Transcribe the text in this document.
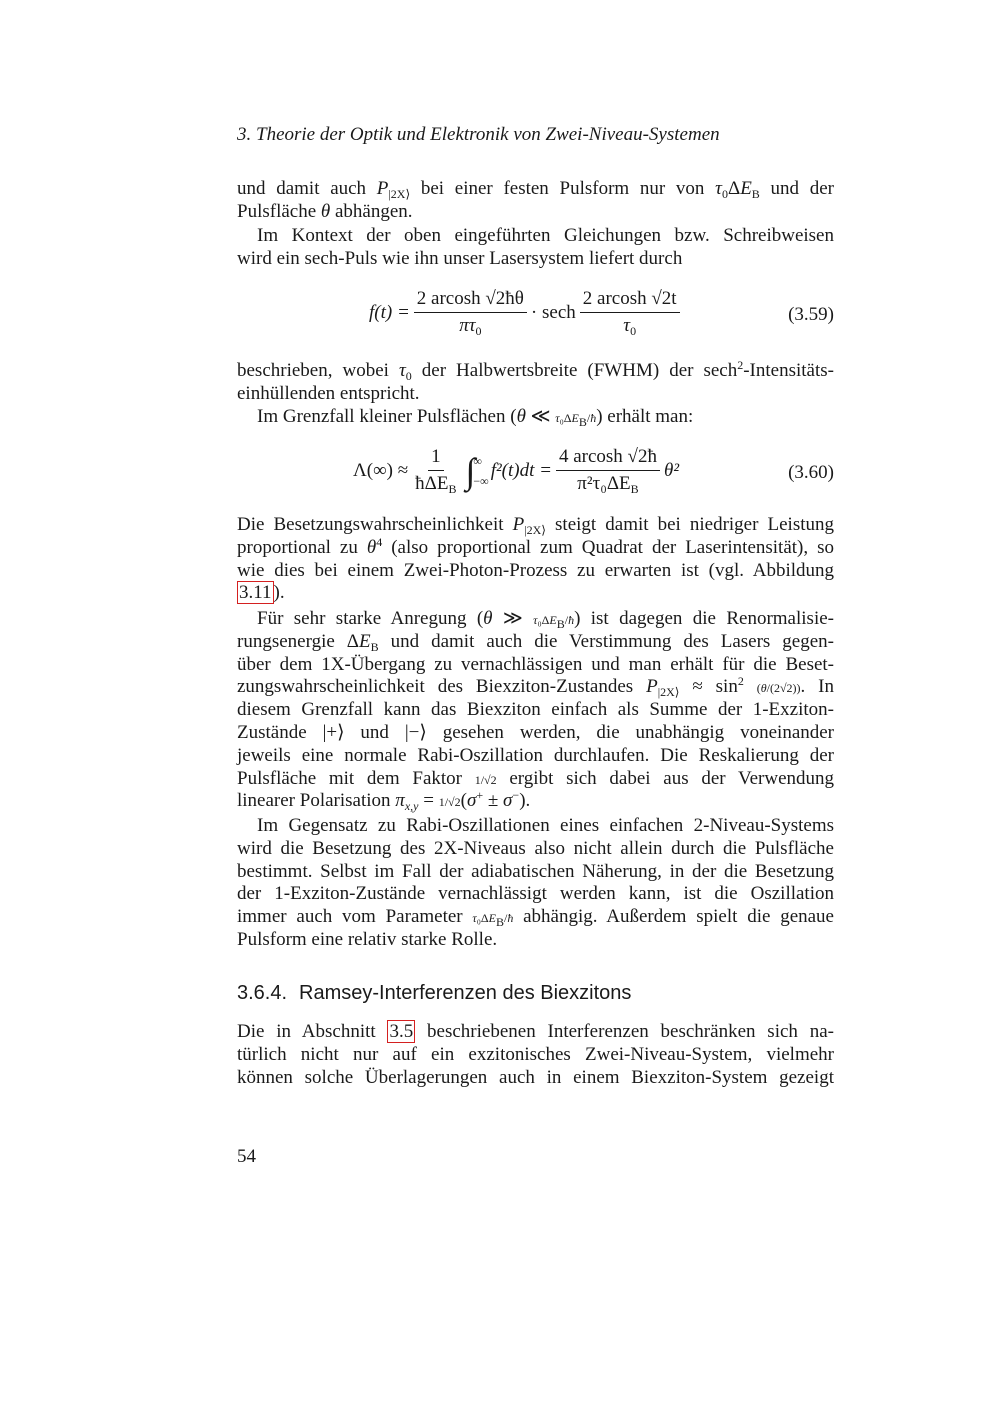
3. Theorie der Optik und Elektronik von Zwei-Niveau-Systemen
und damit auch $P_{|2X⟩}$ bei einer festen Pulsform nur von $\tau_0\Delta E_B$ und der
Pulsfläche θ abhängen.
Im Kontext der oben eingeführten Gleichungen bzw. Schreibweisen
wird ein sech-Puls wie ihn unser Lasersystem liefert durch
$f(t) = \frac{2 arcosh √2ħ\theta}{\pi\tau_0} \cdot \sec h \frac{2 arcosh √2t}{\tau_0}$	(3.59)
beschrieben, wobei $\tau_0$ der Halbwertsbreite (FWHM) der sech$^2$-Intensitäts-
einhüllenden entspricht.
Im Grenzfall kleiner Pulsflächen (θ ≪ $\tau_0\Delta E_B/ħ$) erhält man:
$\Lambda(\infty) \approx \frac{1}{ħ\Delta E_B}$ ∫
∞
−∞ $f^2(t)dt = \frac{4 arcosh √2ħ}{\pi^2\tau_0\Delta E_B} \theta^2$	(3.60)
Die Besetzungswahrscheinlichkeit $P_{|2X⟩}$ steigt damit bei niedriger Leistung
proportional zu $\theta^4$ (also proportional zum Quadrat der Laserintensität), so
wie dies bei einem Zwei-Photon-Prozess zu erwarten ist (vgl. Abbildung
3.11 ).
Für sehr starke Anregung (θ ≫ $\tau_0\Delta E_B/ħ$) ist dagegen die Renormalisie-
rungsenergie $\Delta E_B$ und damit auch die Verstimmung des Lasers gegen-
über dem 1X-Übergang zu vernachlässigen und man erhält für die Beset-
zungswahrscheinlichkeit des Biexziton-Zustandes $P_{|2X⟩} \approx \sin^2 (\theta/(2√2))$. In
diesem Grenzfall kann das Biexziton einfach als Summe der 1-Exziton-
Zustände |+⟩ und |−⟩ gesehen werden, die unabhängig voneinander
jeweils eine normale Rabi-Oszillation durchlaufen. Die Reskalierung der
Pulsfläche mit dem Faktor 1/√2 ergibt sich dabei aus der Verwendung
linearer Polarisation $\pi_{x,y} = 1/√2(\sigma^+ \pm \sigma^-)$.
Im Gegensatz zu Rabi-Oszillationen eines einfachen 2-Niveau-Systems
wird die Besetzung des 2X-Niveaus also nicht allein durch die Pulsfläche
bestimmt. Selbst im Fall der adiabatischen Näherung, in der die Besetzung
der 1-Exziton-Zustände vernachlässigt werden kann, ist die Oszillation
immer auch vom Parameter $\tau_0\Delta E_B/ħ$ abhängig. Außerdem spielt die genaue
Pulsform eine relativ starke Rolle.
3.6.4. Ramsey-Interferenzen des Biexzitons
Die in Abschnitt 3.5 beschriebenen Interferenzen beschränken sich na-
türlich nicht nur auf ein exzitonisches Zwei-Niveau-System, vielmehr
können solche Überlagerungen auch in einem Biexziton-System gezeigt
54
